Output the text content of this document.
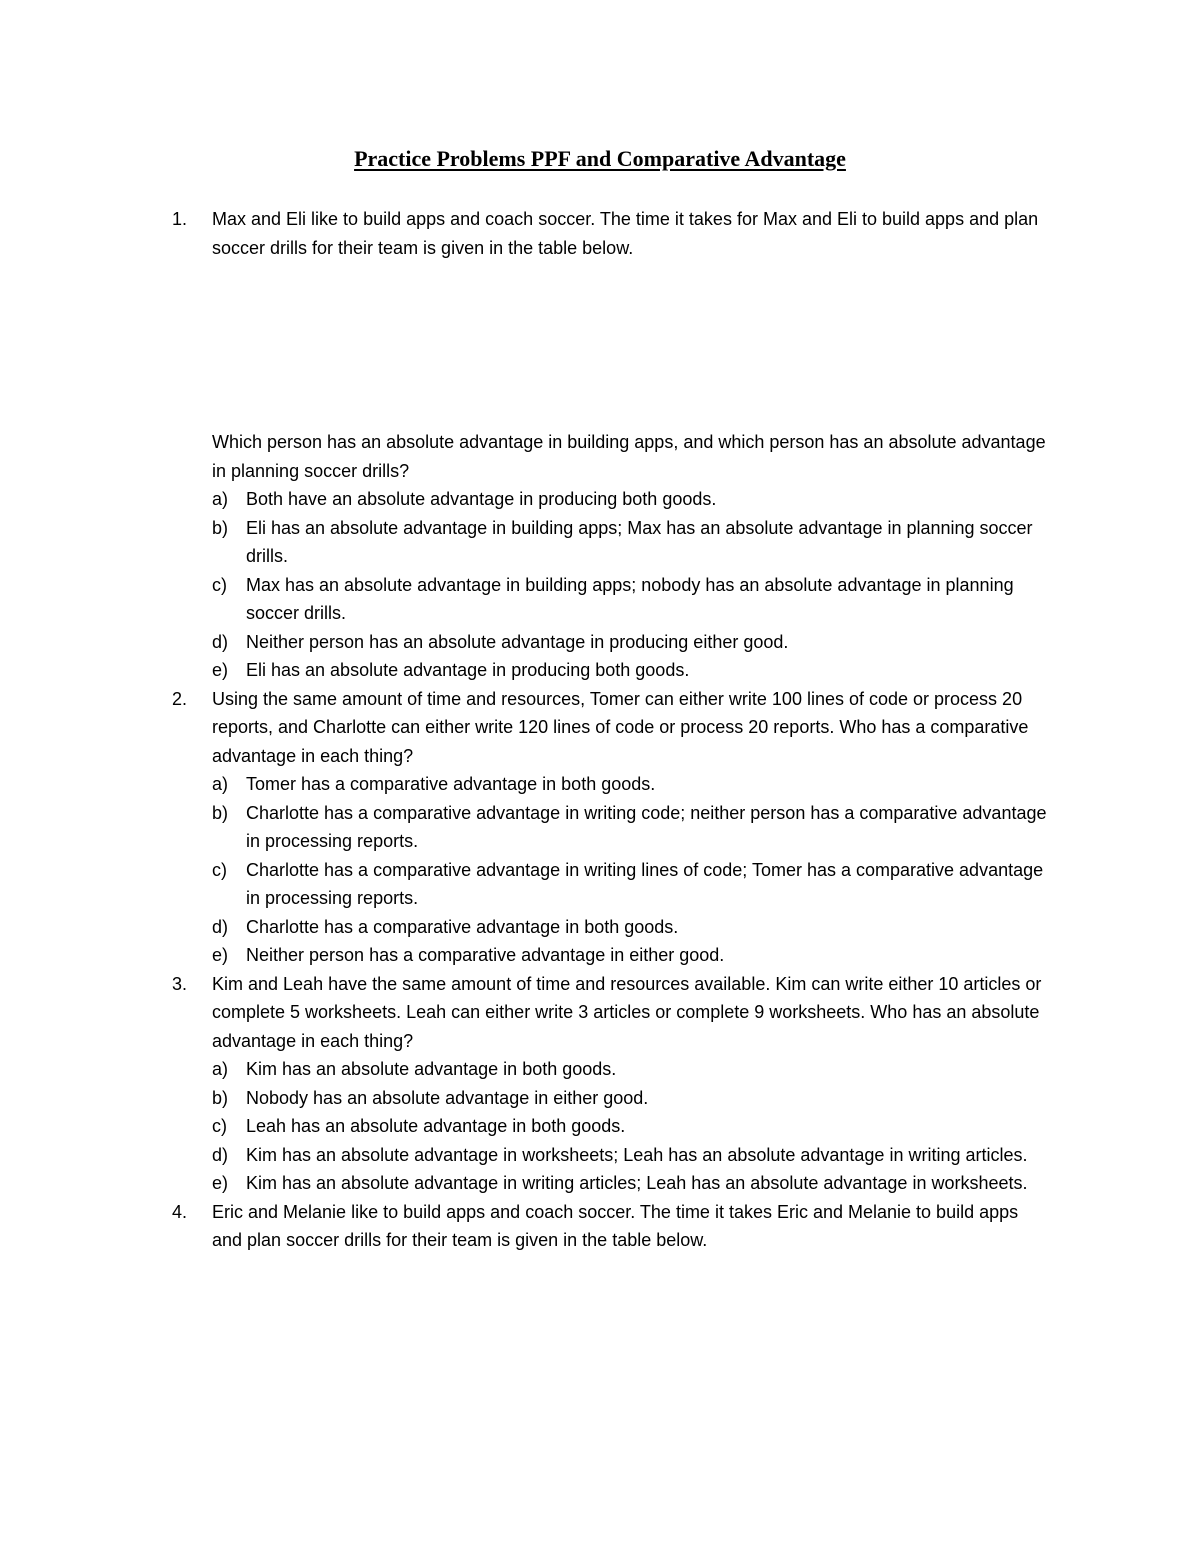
Practice Problems PPF and Comparative Advantage
1. Max and Eli like to build apps and coach soccer. The time it takes for Max and Eli to build apps and plan soccer drills for their team is given in the table below.
Which person has an absolute advantage in building apps, and which person has an absolute advantage in planning soccer drills?
a) Both have an absolute advantage in producing both goods.
b) Eli has an absolute advantage in building apps; Max has an absolute advantage in planning soccer drills.
c) Max has an absolute advantage in building apps; nobody has an absolute advantage in planning soccer drills.
d) Neither person has an absolute advantage in producing either good.
e) Eli has an absolute advantage in producing both goods.
2. Using the same amount of time and resources, Tomer can either write 100 lines of code or process 20 reports, and Charlotte can either write 120 lines of code or process 20 reports. Who has a comparative advantage in each thing?
a) Tomer has a comparative advantage in both goods.
b) Charlotte has a comparative advantage in writing code; neither person has a comparative advantage in processing reports.
c) Charlotte has a comparative advantage in writing lines of code; Tomer has a comparative advantage in processing reports.
d) Charlotte has a comparative advantage in both goods.
e) Neither person has a comparative advantage in either good.
3. Kim and Leah have the same amount of time and resources available. Kim can write either 10 articles or complete 5 worksheets. Leah can either write 3 articles or complete 9 worksheets. Who has an absolute advantage in each thing?
a) Kim has an absolute advantage in both goods.
b) Nobody has an absolute advantage in either good.
c) Leah has an absolute advantage in both goods.
d) Kim has an absolute advantage in worksheets; Leah has an absolute advantage in writing articles.
e) Kim has an absolute advantage in writing articles; Leah has an absolute advantage in worksheets.
4. Eric and Melanie like to build apps and coach soccer. The time it takes Eric and Melanie to build apps and plan soccer drills for their team is given in the table below.
